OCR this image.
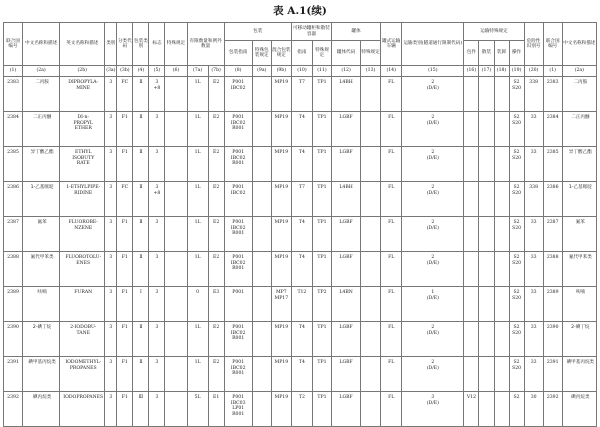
表 A.1(续)
联合国编号	中文名称和描述	英文名称和描述	类别	分类代码	包装类别	标志	特殊规定	有限数量和例外数量		包装			可移动罐柜和散装容器		罐体		罐式运输车辆	运输类别(隧道通行限制代码)	运输特殊规定				危险性识别号	联合国编号	中文名称和描述
										包装指南	特殊包装规定	混合包装规定	指南	特殊规定	罐体代码	特殊规定			包件	散装	装卸	操作			
(1)	(2a)	(2b)	(3a)	(3b)	(4)	(5)	(6)	(7a)	(7b)	(8)	(9a)	(9b)	(10)	(11)	(12)	(13)	(14)	(15)	(16)	(17)	(18)	(19)	(20)	(1)	(2a)
2383	二丙胺	DIPROPYLA-
MINE	3	FC	Ⅱ	3
+8		1L	E2	P001
IBC02		MP19	T7	TP1	L4BH		FL	2
(D/E)				S2
S20	338	2383	二丙胺
2384	二正丙醚	DI-n-
PROPYL
ETHER	3	F1	Ⅱ	3		1L	E2	P001
IBC02
R001		MP19	T4	TP1	LGBF		FL	2
(D/E)				S2
S20	33	2384	二正丙醚
2385	异丁酸乙酯	ETHYL
ISOBUTY
RATE	3	F1	Ⅱ	3		1L	E2	P001
IBC02
R001		MP19	T4	TP1	LGBF		FL	2
(D/E)				S2
S20	33	2385	异丁酸乙酯
2386	1-乙基哌啶	1-ETHYLPIPE-
RIDINE	3	FC	Ⅱ	3
+8		1L	E2	P001
IBC02		MP19	T7	TP1	L4BH		FL	2
(D/E)				S2
S20	338	2386	1-乙基哌啶
2387	氟苯	FLUOROBE-
NZENE	3	F1	Ⅱ	3		1L	E2	P001
IBC02
R001		MP19	T4	TP1	LGBF		FL	2
(D/E)				S2
S20	33	2387	氟苯
2388	氟代甲苯类	FLUOROTOLU-
ENES	3	F1	Ⅱ	3		1L	E2	P001
IBC02
R001		MP19	T4	TP1	LGBF		FL	2
(D/E)				S2
S20	33	2388	氟代甲苯类
2389	呋喃	FURAN	3	F1	Ⅰ	3		0	E3	P001		MP7
MP17	T12	TP2	L4BN		FL	1
(D/E)				S2
S20	33	2389	呋喃
2390	2-碘丁烷	2-IODOBU-
TANE	3	F1	Ⅱ	3		1L	E2	P001
IBC02
R001		MP19	T4	TP1	LGBF		FL	2
(D/E)				S2
S20	33	2390	2-碘丁烷
2391	碘甲基丙烷类	IODOMETHYL-
PROPANES	3	F1	Ⅱ	3		1L	E2	P001
IBC02
R001		MP19	T4	TP1	LGBF		FL	2
(D/E)				S2
S20	33	2391	碘甲基丙烷类
2392	碘丙烷类	IODOPROPANES	3	F1	Ⅲ	3		5L	E1	P001
IBC03
LP01
R001		MP19	T2	TP1	LGBF		FL	3
(D/E)	V12			S2	30	2392	碘丙烷类
